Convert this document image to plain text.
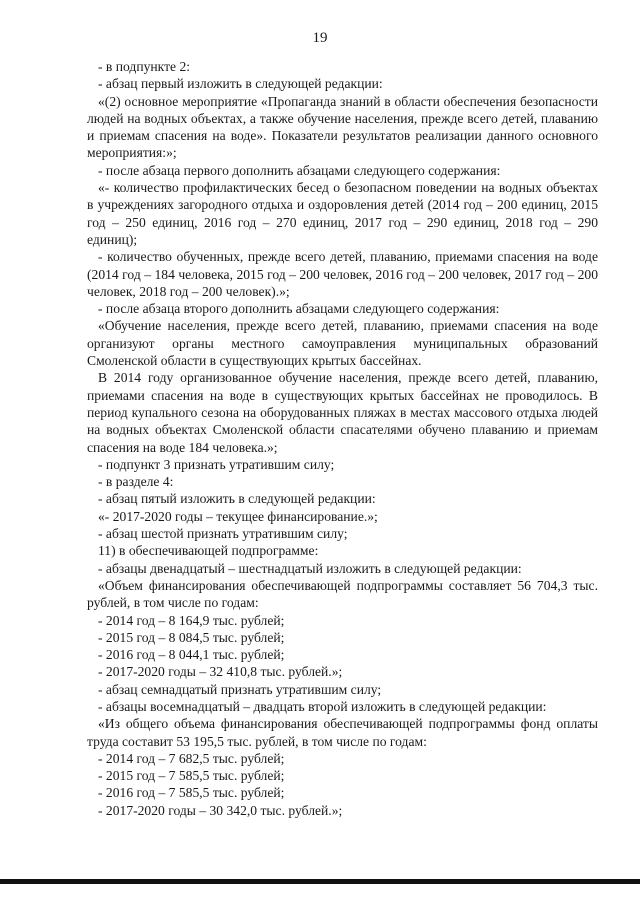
19

- в подпункте 2:

- абзац первый изложить в следующей редакции:

«(2) основное мероприятие «Пропаганда знаний в области обеспечения безопасности людей на водных объектах, а также обучение населения, прежде всего детей, плаванию и приемам спасения на воде». Показатели результатов реализации данного основного мероприятия:»;

- после абзаца первого дополнить абзацами следующего содержания:

«- количество профилактических бесед о безопасном поведении на водных объектах в учреждениях загородного отдыха и оздоровления детей (2014 год – 200 единиц, 2015 год – 250 единиц, 2016 год – 270 единиц, 2017 год – 290 единиц, 2018 год – 290 единиц);

- количество обученных, прежде всего детей, плаванию, приемами спасения на воде (2014 год – 184 человека, 2015 год – 200 человек, 2016 год – 200 человек, 2017 год – 200 человек, 2018 год – 200 человек).»;

- после абзаца второго дополнить абзацами следующего содержания:

«Обучение населения, прежде всего детей, плаванию, приемами спасения на воде организуют органы местного самоуправления муниципальных образований Смоленской области в существующих крытых бассейнах.

В 2014 году организованное обучение населения, прежде всего детей, плаванию, приемами спасения на воде в существующих крытых бассейнах не проводилось. В период купального сезона на оборудованных пляжах в местах массового отдыха людей на водных объектах Смоленской области спасателями обучено плаванию и приемам спасения на воде 184 человека.»;

- подпункт 3 признать утратившим силу;

- в разделе 4:

- абзац пятый изложить в следующей редакции:

«- 2017-2020 годы – текущее финансирование.»;

- абзац шестой признать утратившим силу;

11) в обеспечивающей подпрограмме:

- абзацы двенадцатый – шестнадцатый изложить в следующей редакции:

«Объем финансирования обеспечивающей подпрограммы составляет 56 704,3 тыс. рублей, в том числе по годам:

- 2014 год – 8 164,9 тыс. рублей;

- 2015 год – 8 084,5 тыс. рублей;

- 2016 год – 8 044,1 тыс. рублей;

- 2017-2020 годы – 32 410,8 тыс. рублей.»;

- абзац семнадцатый признать утратившим силу;

- абзацы восемнадцатый – двадцать второй изложить в следующей редакции:

«Из общего объема финансирования обеспечивающей подпрограммы фонд оплаты труда составит 53 195,5 тыс. рублей, в том числе по годам:

- 2014 год – 7 682,5 тыс. рублей;

- 2015 год – 7 585,5 тыс. рублей;

- 2016 год – 7 585,5 тыс. рублей;

- 2017-2020 годы – 30 342,0 тыс. рублей.»;
